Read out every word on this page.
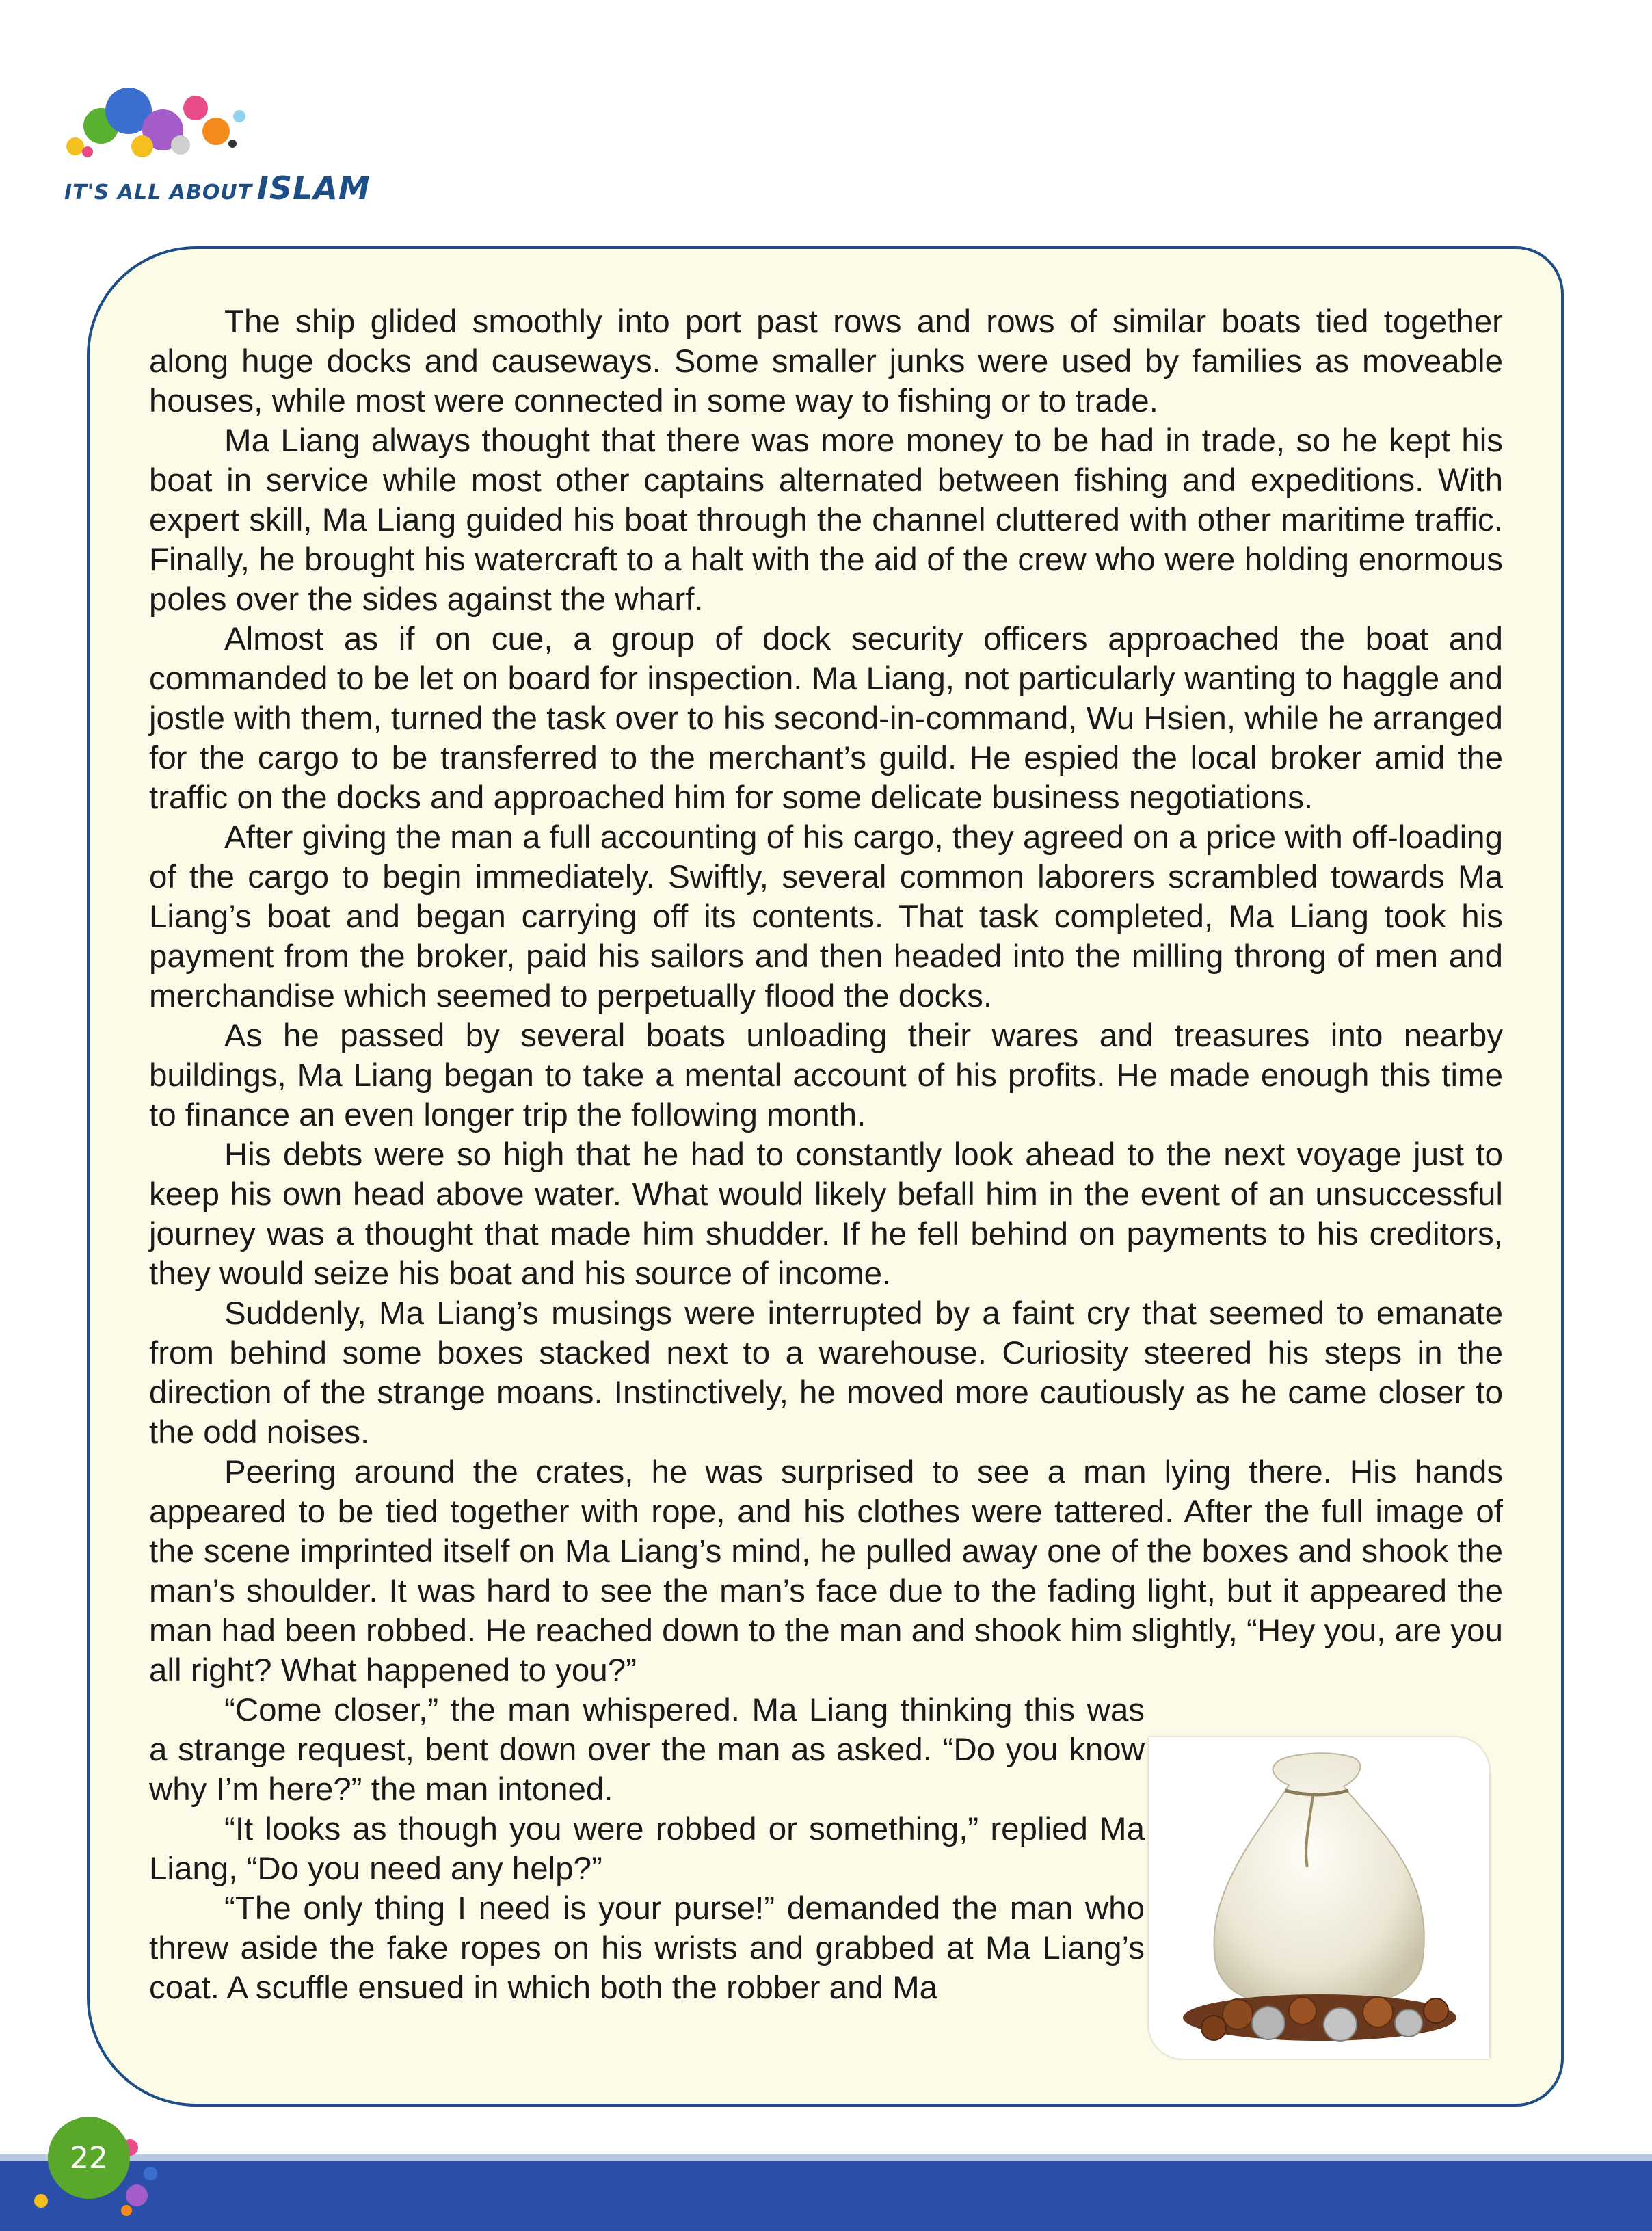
IT'S ALL ABOUT ISLAM

The ship glided smoothly into port past rows and rows of similar boats tied together along huge docks and causeways. Some smaller junks were used by families as moveable houses, while most were connected in some way to fishing or to trade.

Ma Liang always thought that there was more money to be had in trade, so he kept his boat in service while most other captains alternated between fishing and expeditions. With expert skill, Ma Liang guided his boat through the channel cluttered with other maritime traffic. Finally, he brought his watercraft to a halt with the aid of the crew who were holding enormous poles over the sides against the wharf.

Almost as if on cue, a group of dock security officers approached the boat and commanded to be let on board for inspection. Ma Liang, not particularly wanting to haggle and jostle with them, turned the task over to his second-in-command, Wu Hsien, while he arranged for the cargo to be transferred to the merchant’s guild. He espied the local broker amid the traffic on the docks and approached him for some delicate business negotiations.

After giving the man a full accounting of his cargo, they agreed on a price with off-loading of the cargo to begin immediately. Swiftly, several common laborers scrambled towards Ma Liang’s boat and began carrying off its contents. That task completed, Ma Liang took his payment from the broker, paid his sailors and then headed into the milling throng of men and merchandise which seemed to perpetually flood the docks.

As he passed by several boats unloading their wares and treasures into nearby buildings, Ma Liang began to take a mental account of his profits. He made enough this time to finance an even longer trip the following month.

His debts were so high that he had to constantly look ahead to the next voyage just to keep his own head above water. What would likely befall him in the event of an unsuccessful journey was a thought that made him shudder. If he fell behind on payments to his creditors, they would seize his boat and his source of income.

Suddenly, Ma Liang’s musings were interrupted by a faint cry that seemed to emanate from behind some boxes stacked next to a warehouse. Curiosity steered his steps in the direction of the strange moans. Instinctively, he moved more cautiously as he came closer to the odd noises.

Peering around the crates, he was surprised to see a man lying there. His hands appeared to be tied together with rope, and his clothes were tattered. After the full image of the scene imprinted itself on Ma Liang’s mind, he pulled away one of the boxes and shook the man’s shoulder. It was hard to see the man’s face due to the fading light, but it appeared the man had been robbed. He reached down to the man and shook him slightly, “Hey you, are you all right? What happened to you?”

“Come closer,” the man whispered. Ma Liang thinking this was a strange request, bent down over the man as asked. “Do you know why I’m here?” the man intoned.

“It looks as though you were robbed or something,” replied Ma Liang, “Do you need any help?”

“The only thing I need is your purse!” demanded the man who threw aside the fake ropes on his wrists and grabbed at Ma Liang’s coat. A scuffle ensued in which both the robber and Ma

22
